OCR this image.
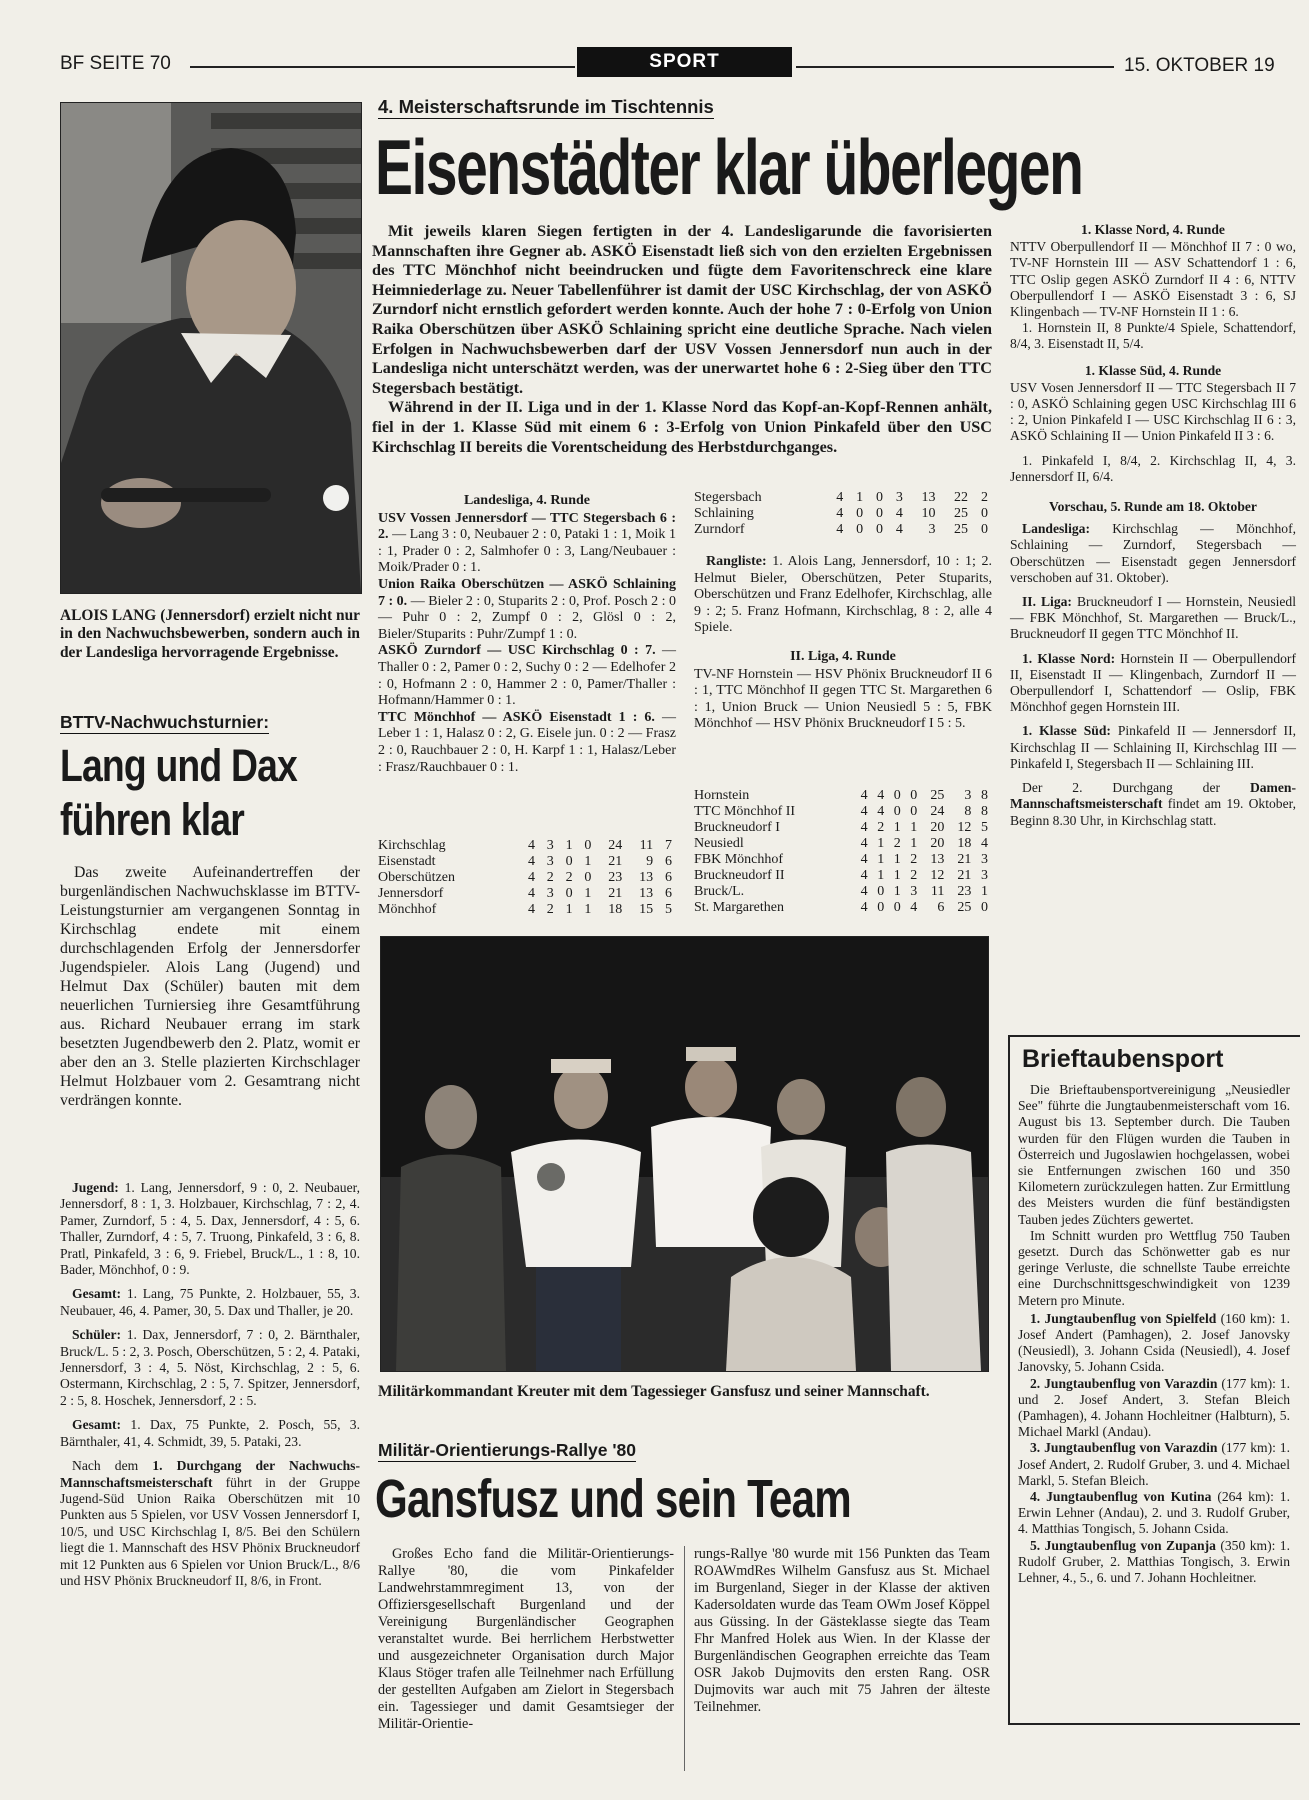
BF SEITE 70	SPORT	15. OKTOBER 19

ALOIS LANG (Jennersdorf) erzielt nicht nur in den Nachwuchsbewerben, sondern auch in der Landesliga hervorragende Ergebnisse.

BTTV-Nachwuchsturnier:
Lang und Dax
führen klar

Das zweite Aufeinandertreffen der burgenländischen Nachwuchsklasse im BTTV-Leistungsturnier am vergangenen Sonntag in Kirchschlag endete mit einem durchschlagenden Erfolg der Jennersdorfer Jugendspieler. Alois Lang (Jugend) und Helmut Dax (Schüler) bauten mit dem neuerlichen Turniersieg ihre Gesamtführung aus. Richard Neubauer errang im stark besetzten Jugendbewerb den 2. Platz, womit er aber den an 3. Stelle plazierten Kirchschlager Helmut Holzbauer vom 2. Gesamtrang nicht verdrängen konnte.

Jugend: 1. Lang, Jennersdorf, 9 : 0, 2. Neubauer, Jennersdorf, 8 : 1, 3. Holzbauer, Kirchschlag, 7 : 2, 4. Pamer, Zurndorf, 5 : 4, 5. Dax, Jennersdorf, 4 : 5, 6. Thaller, Zurndorf, 4 : 5, 7. Truong, Pinkafeld, 3 : 6, 8. Pratl, Pinkafeld, 3 : 6, 9. Friebel, Bruck/L., 1 : 8, 10. Bader, Mönchhof, 0 : 9.

Gesamt: 1. Lang, 75 Punkte, 2. Holzbauer, 55, 3. Neubauer, 46, 4. Pamer, 30, 5. Dax und Thaller, je 20.

Schüler: 1. Dax, Jennersdorf, 7 : 0, 2. Bärnthaler, Bruck/L. 5 : 2, 3. Posch, Oberschützen, 5 : 2, 4. Pataki, Jennersdorf, 3 : 4, 5. Nöst, Kirchschlag, 2 : 5, 6. Ostermann, Kirchschlag, 2 : 5, 7. Spitzer, Jennersdorf, 2 : 5, 8. Hoschek, Jennersdorf, 2 : 5.

Gesamt: 1. Dax, 75 Punkte, 2. Posch, 55, 3. Bärnthaler, 41, 4. Schmidt, 39, 5. Pataki, 23.

Nach dem 1. Durchgang der Nachwuchs-Mannschaftsmeisterschaft führt in der Gruppe Jugend-Süd Union Raika Oberschützen mit 10 Punkten aus 5 Spielen, vor USV Vossen Jennersdorf I, 10/5, und USC Kirchschlag I, 8/5. Bei den Schülern liegt die 1. Mannschaft des HSV Phönix Bruckneudorf mit 12 Punkten aus 6 Spielen vor Union Bruck/L., 8/6 und HSV Phönix Bruckneudorf II, 8/6, in Front.

4. Meisterschaftsrunde im Tischtennis
Eisenstädter klar überlegen

Mit jeweils klaren Siegen fertigten in der 4. Landesligarunde die favorisierten Mannschaften ihre Gegner ab. ASKÖ Eisenstadt ließ sich von den erzielten Ergebnissen des TTC Mönchhof nicht beeindrucken und fügte dem Favoritenschreck eine klare Heimniederlage zu. Neuer Tabellenführer ist damit der USC Kirchschlag, der von ASKÖ Zurndorf nicht ernstlich gefordert werden konnte. Auch der hohe 7 : 0-Erfolg von Union Raika Oberschützen über ASKÖ Schlaining spricht eine deutliche Sprache. Nach vielen Erfolgen in Nachwuchsbewerben darf der USV Vossen Jennersdorf nun auch in der Landesliga nicht unterschätzt werden, was der unerwartet hohe 6 : 2-Sieg über den TTC Stegersbach bestätigt.

Während in der II. Liga und in der 1. Klasse Nord das Kopf-an-Kopf-Rennen anhält, fiel in der 1. Klasse Süd mit einem 6 : 3-Erfolg von Union Pinkafeld über den USC Kirchschlag II bereits die Vorentscheidung des Herbstdurchganges.

Landesliga, 4. Runde

USV Vossen Jennersdorf — TTC Stegersbach 6 : 2. — Lang 3 : 0, Neubauer 2 : 0, Pataki 1 : 1, Moik 1 : 1, Prader 0 : 2, Salmhofer 0 : 3, Lang/Neubauer : Moik/Prader 0 : 1.

Union Raika Oberschützen — ASKÖ Schlaining 7 : 0. — Bieler 2 : 0, Stuparits 2 : 0, Prof. Posch 2 : 0 — Puhr 0 : 2, Zumpf 0 : 2, Glösl 0 : 2, Bieler/Stuparits : Puhr/Zumpf 1 : 0.

ASKÖ Zurndorf — USC Kirchschlag 0 : 7. — Thaller 0 : 2, Pamer 0 : 2, Suchy 0 : 2 — Edelhofer 2 : 0, Hofmann 2 : 0, Hammer 2 : 0, Pamer/Thaller : Hofmann/Hammer 0 : 1.

TTC Mönchhof — ASKÖ Eisenstadt 1 : 6. — Leber 1 : 1, Halasz 0 : 2, G. Eisele jun. 0 : 2 — Frasz 2 : 0, Rauchbauer 2 : 0, H. Karpf 1 : 1, Halasz/Leber : Frasz/Rauchbauer 0 : 1.

Kirchschlag	4	3	1	0	24	11	7
Eisenstadt	4	3	0	1	21	9	6
Oberschützen	4	2	2	0	23	13	6
Jennersdorf	4	3	0	1	21	13	6
Mönchhof	4	2	1	1	18	15	5
Stegersbach	4	1	0	3	13	22	2
Schlaining	4	0	0	4	10	25	0
Zurndorf	4	0	0	4	3	25	0

Rangliste: 1. Alois Lang, Jennersdorf, 10 : 1; 2. Helmut Bieler, Oberschützen, Peter Stuparits, Oberschützen und Franz Edelhofer, Kirchschlag, alle 9 : 2; 5. Franz Hofmann, Kirchschlag, 8 : 2, alle 4 Spiele.

II. Liga, 4. Runde

TV-NF Hornstein — HSV Phönix Bruckneudorf II 6 : 1, TTC Mönchhof II gegen TTC St. Margarethen 6 : 1, Union Bruck — Union Neusiedl 5 : 5, FBK Mönchhof — HSV Phönix Bruckneudorf I 5 : 5.

Hornstein	4	4	0	0	25	3	8
TTC Mönchhof II	4	4	0	0	24	8	8
Bruckneudorf I	4	2	1	1	20	12	5
Neusiedl	4	1	2	1	20	18	4
FBK Mönchhof	4	1	1	2	13	21	3
Bruckneudorf II	4	1	1	2	12	21	3
Bruck/L.	4	0	1	3	11	23	1
St. Margarethen	4	0	0	4	6	25	0

Militärkommandant Kreuter mit dem Tagessieger Gansfusz und seiner Mannschaft.

Militär-Orientierungs-Rallye '80
Gansfusz und sein Team

Großes Echo fand die Militär-Orientierungs-Rallye '80, die vom Pinkafelder Landwehrstammregiment 13, von der Offiziersgesellschaft Burgenland und der Vereinigung Burgenländischer Geographen veranstaltet wurde. Bei herrlichem Herbstwetter und ausgezeichneter Organisation durch Major Klaus Stöger trafen alle Teilnehmer nach Erfüllung der gestellten Aufgaben am Zielort in Stegersbach ein. Tagessieger und damit Gesamtsieger der Militär-Orientie-

rungs-Rallye '80 wurde mit 156 Punkten das Team ROAWmdRes Wilhelm Gansfusz aus St. Michael im Burgenland, Sieger in der Klasse der aktiven Kadersoldaten wurde das Team OWm Josef Köppel aus Güssing. In der Gästeklasse siegte das Team Fhr Manfred Holek aus Wien. In der Klasse der Burgenländischen Geographen erreichte das Team OSR Jakob Dujmovits den ersten Rang. OSR Dujmovits war auch mit 75 Jahren der älteste Teilnehmer.

1. Klasse Nord, 4. Runde

NTTV Oberpullendorf II — Mönchhof II 7 : 0 wo, TV-NF Hornstein III — ASV Schattendorf 1 : 6, TTC Oslip gegen ASKÖ Zurndorf II 4 : 6, NTTV Oberpullendorf I — ASKÖ Eisenstadt 3 : 6, SJ Klingenbach — TV-NF Hornstein II 1 : 6.

1. Hornstein II, 8 Punkte/4 Spiele, Schattendorf, 8/4, 3. Eisenstadt II, 5/4.

1. Klasse Süd, 4. Runde

USV Vosen Jennersdorf II — TTC Stegersbach II 7 : 0, ASKÖ Schlaining gegen USC Kirchschlag III 6 : 2, Union Pinkafeld I — USC Kirchschlag II 6 : 3, ASKÖ Schlaining II — Union Pinkafeld II 3 : 6.

1. Pinkafeld I, 8/4, 2. Kirchschlag II, 4, 3. Jennersdorf II, 6/4.

Vorschau, 5. Runde am 18. Oktober

Landesliga: Kirchschlag — Mönchhof, Schlaining — Zurndorf, Stegersbach — Oberschützen — Eisenstadt gegen Jennersdorf verschoben auf 31. Oktober).

II. Liga: Bruckneudorf I — Hornstein, Neusiedl — FBK Mönchhof, St. Margarethen — Bruck/L., Bruckneudorf II gegen TTC Mönchhof II.

1. Klasse Nord: Hornstein II — Oberpullendorf II, Eisenstadt II — Klingenbach, Zurndorf II — Oberpullendorf I, Schattendorf — Oslip, FBK Mönchhof gegen Hornstein III.

1. Klasse Süd: Pinkafeld II — Jennersdorf II, Kirchschlag II — Schlaining II, Kirchschlag III — Pinkafeld I, Stegersbach II — Schlaining III.

Der 2. Durchgang der Damen-Mannschaftsmeisterschaft findet am 19. Oktober, Beginn 8.30 Uhr, in Kirchschlag statt.

Brieftaubensport

Die Brieftaubensportvereinigung „Neusiedler See" führte die Jungtaubenmeisterschaft vom 16. August bis 13. September durch. Die Tauben wurden für den Flügen wurden die Tauben in Österreich und Jugoslawien hochgelassen, wobei sie Entfernungen zwischen 160 und 350 Kilometern zurückzulegen hatten. Zur Ermittlung des Meisters wurden die fünf beständigsten Tauben jedes Züchters gewertet.

Im Schnitt wurden pro Wettflug 750 Tauben gesetzt. Durch das Schönwetter gab es nur geringe Verluste, die schnellste Taube erreichte eine Durchschnittsgeschwindigkeit von 1239 Metern pro Minute.

1. Jungtaubenflug von Spielfeld (160 km): 1. Josef Andert (Pamhagen), 2. Josef Janovsky (Neusiedl), 3. Johann Csida (Neusiedl), 4. Josef Janovsky, 5. Johann Csida.

2. Jungtaubenflug von Varazdin (177 km): 1. und 2. Josef Andert, 3. Stefan Bleich (Pamhagen), 4. Johann Hochleitner (Halbturn), 5. Michael Markl (Andau).

3. Jungtaubenflug von Varazdin (177 km): 1. Josef Andert, 2. Rudolf Gruber, 3. und 4. Michael Markl, 5. Stefan Bleich.

4. Jungtaubenflug von Kutina (264 km): 1. Erwin Lehner (Andau), 2. und 3. Rudolf Gruber, 4. Matthias Tongisch, 5. Johann Csida.

5. Jungtaubenflug von Zupanja (350 km): 1. Rudolf Gruber, 2. Matthias Tongisch, 3. Erwin Lehner, 4., 5., 6. und 7. Johann Hochleitner.
